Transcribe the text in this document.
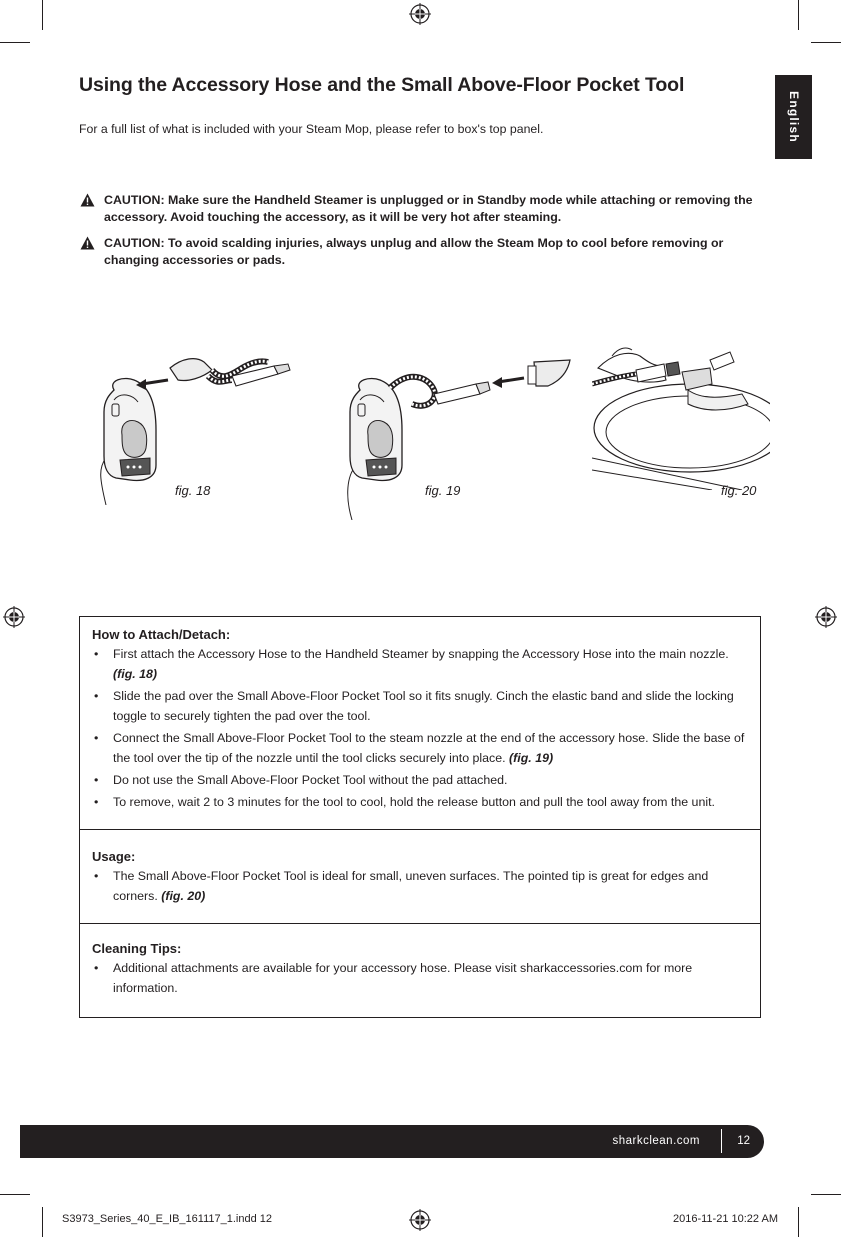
Using the Accessory Hose and the Small Above-Floor Pocket Tool
For a full list of what is included with your Steam Mop, please refer to box's top panel.	English
CAUTION: Make sure the Handheld Steamer is unplugged or in Standby mode while attaching or removing the accessory. Avoid touching the accessory, as it will be very hot after steaming.
CAUTION: To avoid scalding injuries, always unplug and allow the Steam Mop to cool before removing or changing accessories or pads.
fig. 18	fig. 19	fig. 20

How to Attach/Detach:

• First attach the Accessory Hose to the Handheld Steamer by snapping the Accessory Hose into the main nozzle. (fig. 18)
• Slide the pad over the Small Above-Floor Pocket Tool so it fits snugly. Cinch the elastic band and slide the locking toggle to securely tighten the pad over the tool.
• Connect the Small Above-Floor Pocket Tool to the steam nozzle at the end of the accessory hose. Slide the base of the tool over the tip of the nozzle until the tool clicks securely into place. (fig. 19)
• Do not use the Small Above-Floor Pocket Tool without the pad attached.
• To remove, wait 2 to 3 minutes for the tool to cool, hold the release button and pull the tool away from the unit.

Usage:

• The Small Above-Floor Pocket Tool is ideal for small, uneven surfaces. The pointed tip is great for edges and corners. (fig. 20)

Cleaning Tips:

• Additional attachments are available for your accessory hose. Please visit sharkaccessories.com for more information.
sharkclean.com	12
S3973_Series_40_E_IB_161117_1.indd 12	2016-11-21 10:22 AM
